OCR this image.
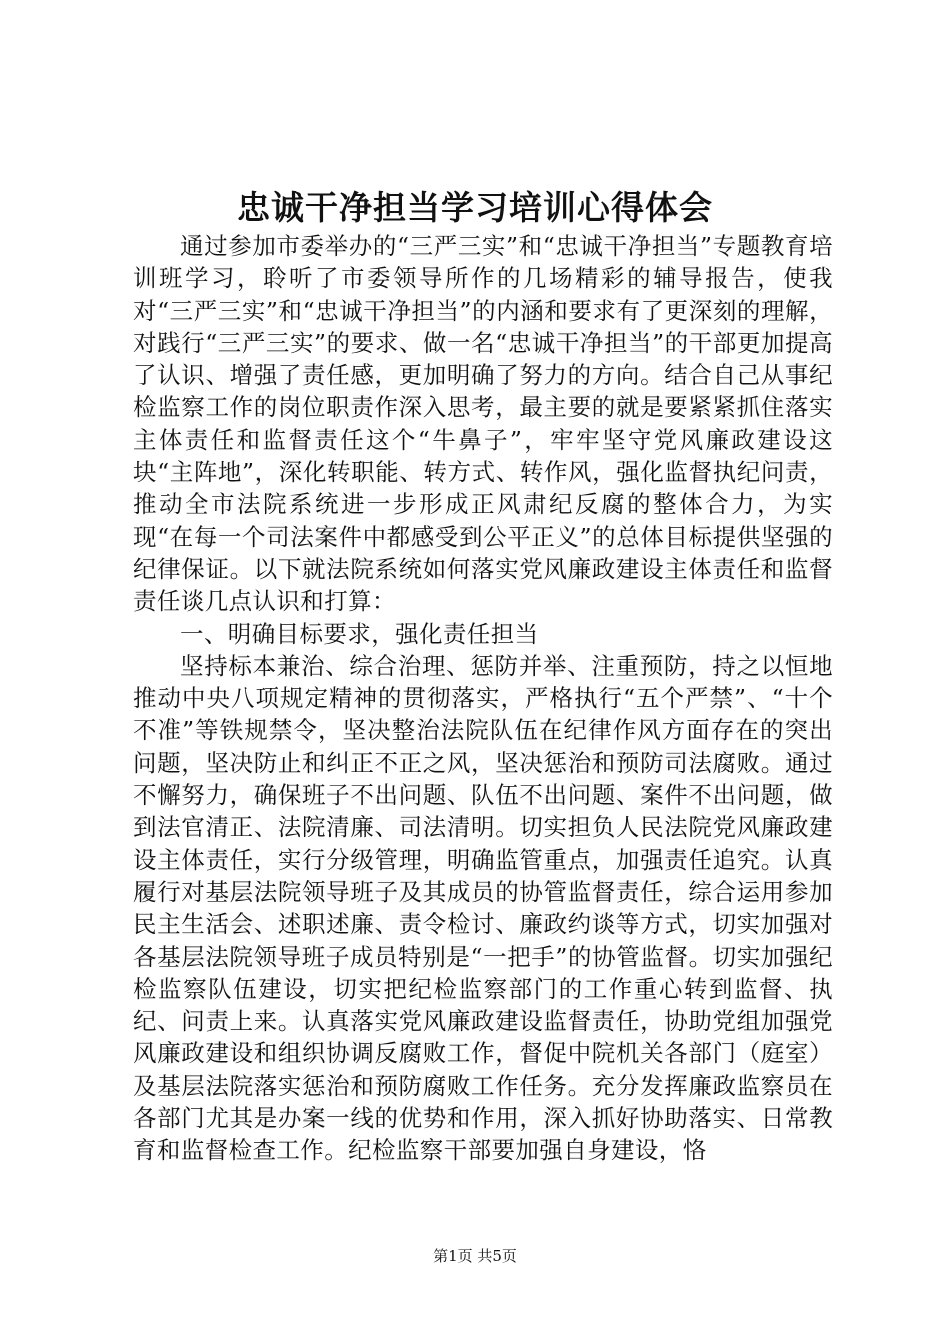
忠诚干净担当学习培训心得体会

通过参加市委举办的“三严三实”和“忠诚干净担当”专题教育培训班学习，聆听了市委领导所作的几场精彩的辅导报告，使我对“三严三实”和“忠诚干净担当”的内涵和要求有了更深刻的理解，对践行“三严三实”的要求、做一名“忠诚干净担当”的干部更加提高了认识、增强了责任感，更加明确了努力的方向。结合自己从事纪检监察工作的岗位职责作深入思考，最主要的就是要紧紧抓住落实主体责任和监督责任这个“牛鼻子”，牢牢坚守党风廉政建设这块“主阵地”，深化转职能、转方式、转作风，强化监督执纪问责，推动全市法院系统进一步形成正风肃纪反腐的整体合力，为实现“在每一个司法案件中都感受到公平正义”的总体目标提供坚强的纪律保证。以下就法院系统如何落实党风廉政建设主体责任和监督责任谈几点认识和打算：

一、明确目标要求，强化责任担当

坚持标本兼治、综合治理、惩防并举、注重预防，持之以恒地推动中央八项规定精神的贯彻落实，严格执行“五个严禁”、“十个不准”等铁规禁令，坚决整治法院队伍在纪律作风方面存在的突出问题，坚决防止和纠正不正之风，坚决惩治和预防司法腐败。通过不懈努力，确保班子不出问题、队伍不出问题、案件不出问题，做到法官清正、法院清廉、司法清明。切实担负人民法院党风廉政建设主体责任，实行分级管理，明确监管重点，加强责任追究。认真履行对基层法院领导班子及其成员的协管监督责任，综合运用参加民主生活会、述职述廉、责令检讨、廉政约谈等方式，切实加强对各基层法院领导班子成员特别是“一把手”的协管监督。切实加强纪检监察队伍建设，切实把纪检监察部门的工作重心转到监督、执纪、问责上来。认真落实党风廉政建设监督责任，协助党组加强党风廉政建设和组织协调反腐败工作，督促中院机关各部门（庭室）及基层法院落实惩治和预防腐败工作任务。充分发挥廉政监察员在各部门尤其是办案一线的优势和作用，深入抓好协助落实、日常教育和监督检查工作。纪检监察干部要加强自身建设，恪

第1页 共5页
